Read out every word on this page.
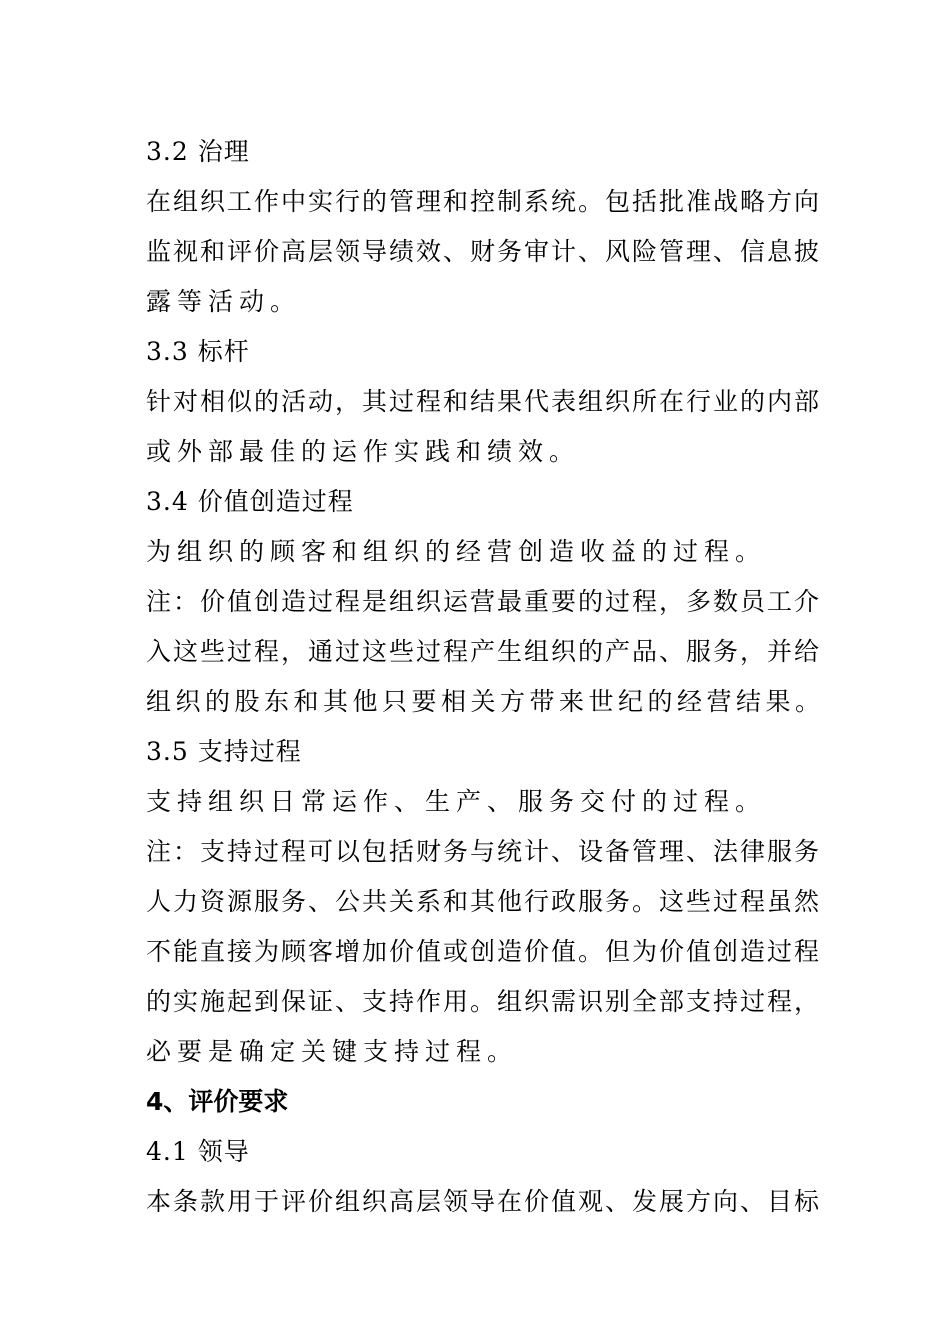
3.2 治理
在组织工作中实行的管理和控制系统。包括批准战略方向
监视和评价高层领导绩效、财务审计、风险管理、信息披
露等活动。
3.3 标杆
针对相似的活动，其过程和结果代表组织所在行业的内部
或外部最佳的运作实践和绩效。
3.4 价值创造过程
为组织的顾客和组织的经营创造收益的过程。
注：价值创造过程是组织运营最重要的过程，多数员工介
入这些过程，通过这些过程产生组织的产品、服务，并给
组织的股东和其他只要相关方带来世纪的经营结果。
3.5 支持过程
支持组织日常运作、生产、服务交付的过程。
注：支持过程可以包括财务与统计、设备管理、法律服务
人力资源服务、公共关系和其他行政服务。这些过程虽然
不能直接为顾客增加价值或创造价值。但为价值创造过程
的实施起到保证、支持作用。组织需识别全部支持过程，
必要是确定关键支持过程。
4、评价要求
4.1 领导
本条款用于评价组织高层领导在价值观、发展方向、目标
